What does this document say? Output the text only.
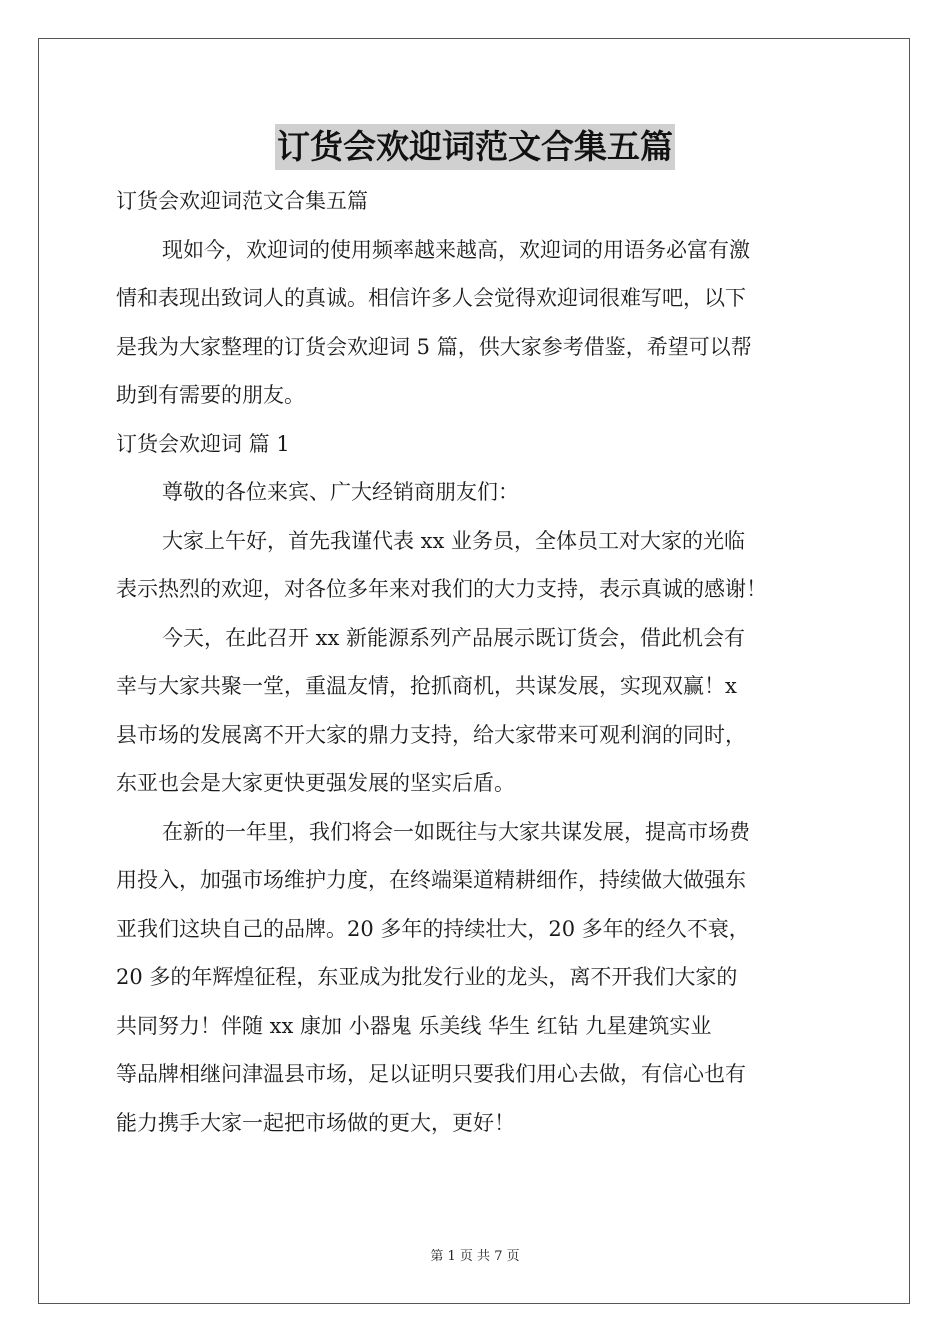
订货会欢迎词范文合集五篇
订货会欢迎词范文合集五篇
现如今，欢迎词的使用频率越来越高，欢迎词的用语务必富有激
情和表现出致词人的真诚。相信许多人会觉得欢迎词很难写吧，以下
是我为大家整理的订货会欢迎词 5 篇，供大家参考借鉴，希望可以帮
助到有需要的朋友。
订货会欢迎词 篇 1
尊敬的各位来宾、广大经销商朋友们：
大家上午好，首先我谨代表 xx 业务员，全体员工对大家的光临
表示热烈的欢迎，对各位多年来对我们的大力支持，表示真诚的感谢！
今天，在此召开 xx 新能源系列产品展示既订货会，借此机会有
幸与大家共聚一堂，重温友情，抢抓商机，共谋发展，实现双赢！x
县市场的发展离不开大家的鼎力支持，给大家带来可观利润的同时，
东亚也会是大家更快更强发展的坚实后盾。
在新的一年里，我们将会一如既往与大家共谋发展，提高市场费
用投入，加强市场维护力度，在终端渠道精耕细作，持续做大做强东
亚我们这块自己的品牌。20 多年的持续壮大，20 多年的经久不衰，
20 多的年辉煌征程，东亚成为批发行业的龙头，离不开我们大家的
共同努力！伴随 xx 康加 小器鬼 乐美线 华生 红钻 九星建筑实业
等品牌相继问津温县市场，足以证明只要我们用心去做，有信心也有
能力携手大家一起把市场做的更大，更好！
第 1 页 共 7 页
